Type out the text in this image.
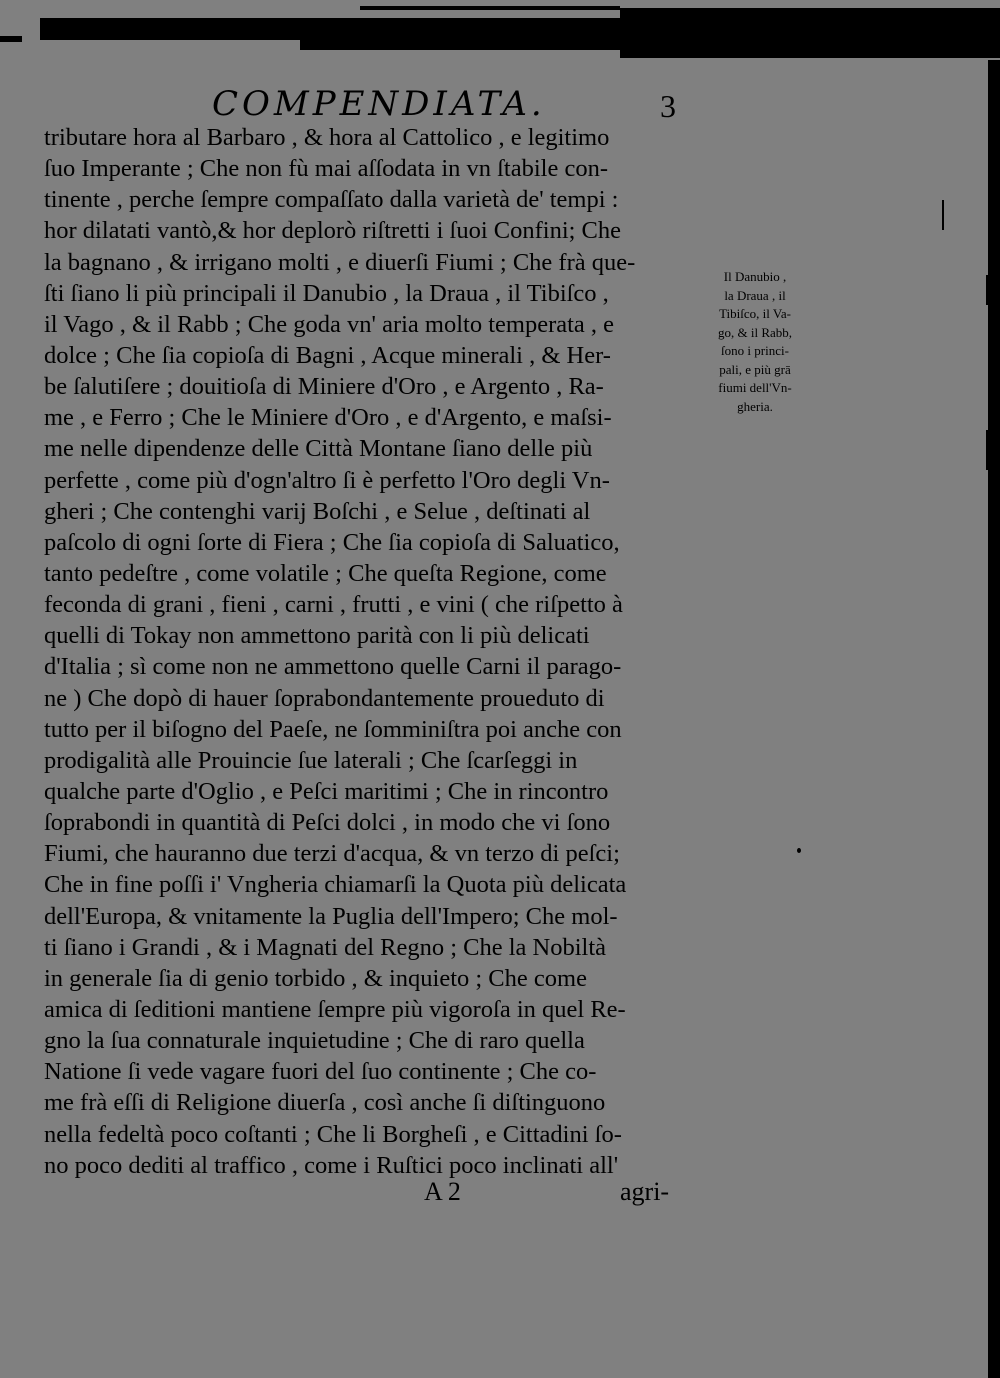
COMPENDIATA.	3
tributare hora al Barbaro , & hora al Cattolico , e legitimo
ſuo Imperante ; Che non fù mai aſſodata in vn ſtabile con-
tinente , perche ſempre compaſſato dalla varietà de' tempi :
hor dilatati vantò,& hor deplorò riſtretti i ſuoi Confini; Che
la bagnano , & irrigano molti , e diuerſi Fiumi ; Che frà que-
ſti ſiano li più principali il Danubio , la Draua , il Tibiſco ,
il Vago , & il Rabb ; Che goda vn' aria molto temperata , e
dolce ; Che ſia copioſa di Bagni , Acque minerali , & Her-
be ſalutiſere ; douitioſa di Miniere d'Oro , e Argento , Ra-
me , e Ferro ; Che le Miniere d'Oro , e d'Argento, e maſsi-
me nelle dipendenze delle Città Montane ſiano delle più
perfette , come più d'ogn'altro ſi è perfetto l'Oro degli Vn-
gheri ; Che contenghi varij Boſchi , e Selue , deſtinati al
paſcolo di ogni ſorte di Fiera ; Che ſia copioſa di Saluatico,
tanto pedeſtre , come volatile ; Che queſta Regione, come
feconda di grani , fieni , carni , frutti , e vini ( che riſpetto à
quelli di Tokay non ammettono parità con li più delicati
d'Italia ; sì come non ne ammettono quelle Carni il parago-
ne ) Che dopò di hauer ſoprabondantemente proueduto di
tutto per il biſogno del Paeſe, ne ſomminiſtra poi anche con
prodigalità alle Prouincie ſue laterali ; Che ſcarſeggi in
qualche parte d'Oglio , e Peſci maritimi ; Che in rincontro
ſoprabondi in quantità di Peſci dolci , in modo che vi ſono
Fiumi, che hauranno due terzi d'acqua, & vn terzo di peſci;
Che in fine poſſi i' Vngheria chiamarſi la Quota più delicata
dell'Europa, & vnitamente la Puglia dell'Impero; Che mol-
ti ſiano i Grandi , & i Magnati del Regno ; Che la Nobiltà
in generale ſia di genio torbido , & inquieto ; Che come
amica di ſeditioni mantiene ſempre più vigoroſa in quel Re-
gno la ſua connaturale inquietudine ; Che di raro quella
Natione ſi vede vagare fuori del ſuo continente ; Che co-
me frà eſſi di Religione diuerſa , così anche ſi diſtinguono
nella fedeltà poco coſtanti ; Che li Borgheſi , e Cittadini ſo-
no poco dediti al traffico , come i Ruſtici poco inclinati all'
Il Danubio ,
la Draua , il
Tibiſco, il Va-
go, & il Rabb,
ſono i princi-
pali, e più grā
fiumi dell'Vn-
gheria.
A 2	agri-
